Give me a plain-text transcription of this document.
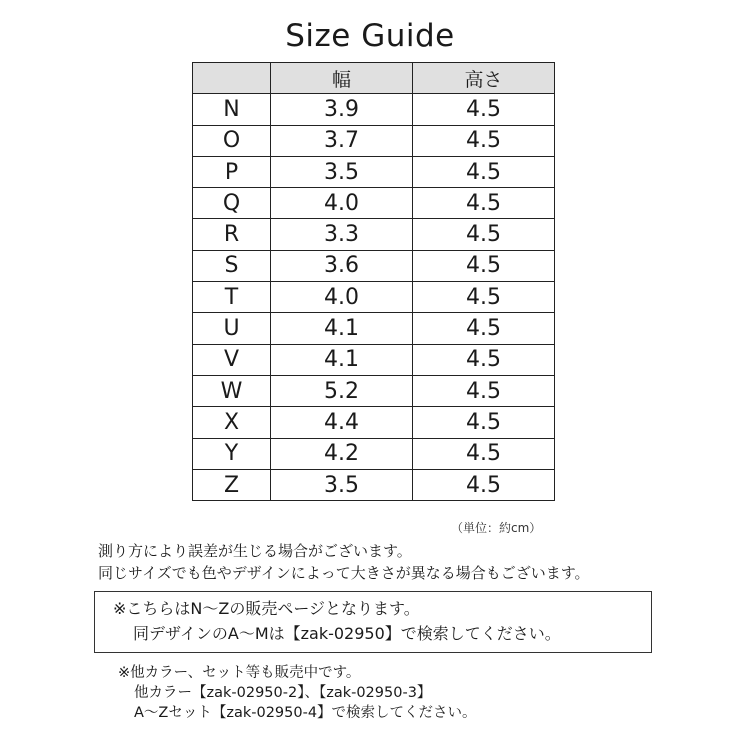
Size Guide
	幅	高さ
N	3.9	4.5
O	3.7	4.5
P	3.5	4.5
Q	4.0	4.5
R	3.3	4.5
S	3.6	4.5
T	4.0	4.5
U	4.1	4.5
V	4.1	4.5
W	5.2	4.5
X	4.4	4.5
Y	4.2	4.5
Z	3.5	4.5
（単位：約cm）
測り方により誤差が生じる場合がございます。
同じサイズでも色やデザインによって大きさが異なる場合もございます。
※こちらはN〜Zの販売ページとなります。
同デザインのA〜Mは【zak-02950】で検索してください。
※他カラー、セット等も販売中です。
他カラー【zak-02950-2】、【zak-02950-3】
A〜Zセット【zak-02950-4】で検索してください。
